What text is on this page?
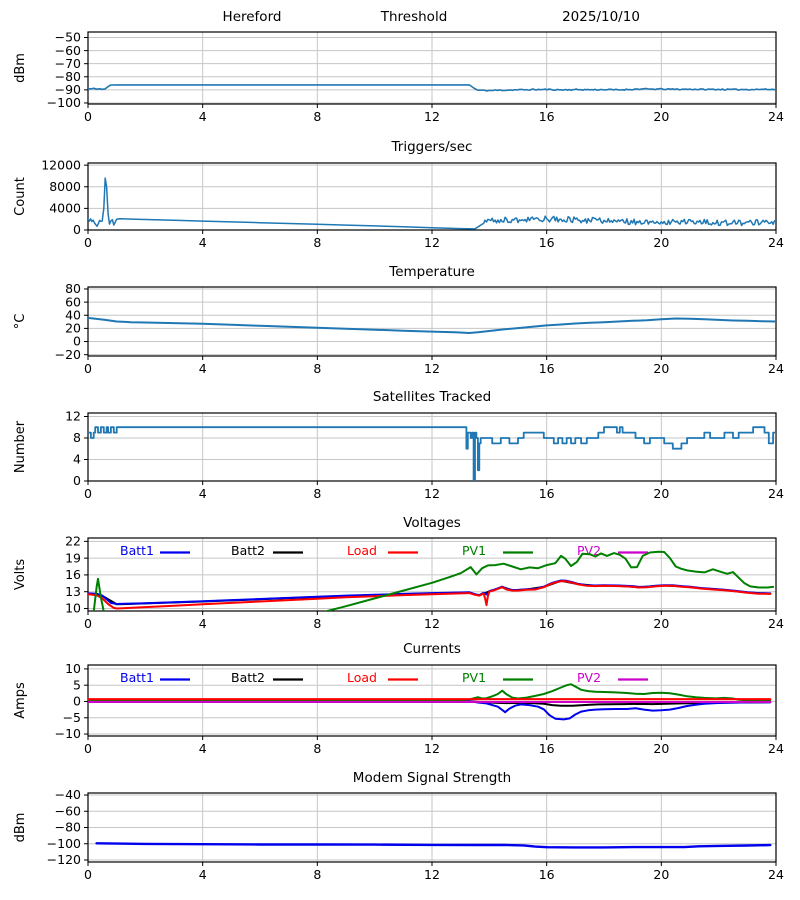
Hereford	Threshold	2025/10/10
Triggers/sec
Temperature
Satellites Tracked
Voltages
Currents
Modem Signal Strength
0	4	8	12	16	20	24
−50
−60
−70
−80
−90
−100
dBm
0	4	8	12	16	20	24
12000
8000
4000
0
Count
0	4	8	12	16	20	24
80
60
40
20
0
−20
°C
0	4	8	12	16	20	24
12
8
4
0
Number
0	4	8	12	16	20	24
22
19
16
13
10
Volts
Batt1	Batt2	Load	PV1	PV2
0	4	8	12	16	20	24
10
5
0
−5
−10
Amps
Batt1	Batt2	Load	PV1	PV2
0	4	8	12	16	20	24
−40
−60
−80
−100
−120
dBm
